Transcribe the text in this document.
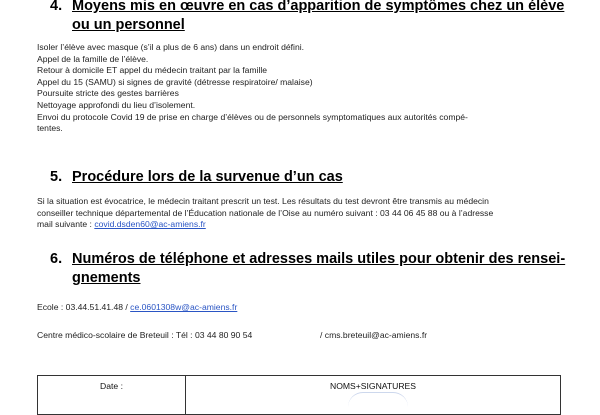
4. Moyens mis en œuvre en cas d’apparition de symptômes chez un élève
ou un personnel
Isoler l’élève avec masque (s’il a plus de 6 ans) dans un endroit défini.
Appel de la famille de l’élève.
Retour à domicile ET appel du médecin traitant par la famille
Appel du 15 (SAMU) si signes de gravité (détresse respiratoire/ malaise)
Poursuite stricte des gestes barrières
Nettoyage approfondi du lieu d’isolement.
Envoi du protocole Covid 19 de prise en charge d’élèves ou de personnels symptomatiques aux autorités compé-
tentes.
5. Procédure lors de la survenue d’un cas
Si la situation est évocatrice, le médecin traitant prescrit un test. Les résultats du test devront être transmis au médecin
conseiller technique départemental de l’Éducation nationale de l’Oise au numéro suivant : 03 44 06 45 88 ou à l’adresse
mail suivante : covid.dsden60@ac-amiens.fr
6. Numéros de téléphone et adresses mails utiles pour obtenir des rensei-
gnements
Ecole : 03.44.51.41.48 / ce.0601308w@ac-amiens.fr
Centre médico-scolaire de Breteuil : Tél : 03 44 80 90 54	/ cms.breteuil@ac-amiens.fr
Date :	NOMS+SIGNATURES
